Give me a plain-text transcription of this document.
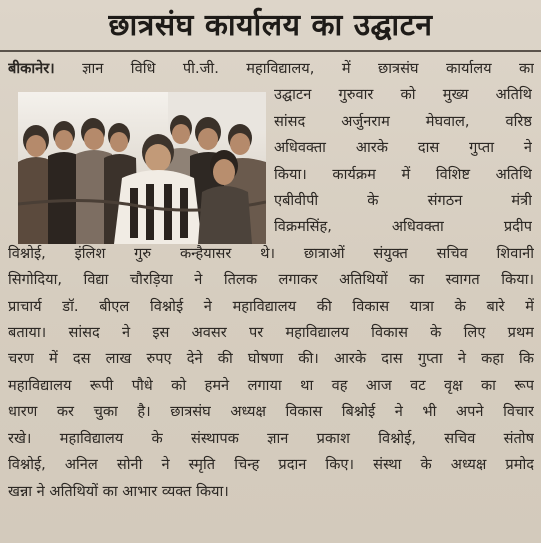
छात्रसंघ कार्यालय का उद्घाटन
बीकानेर। ज्ञान विधि पी.जी. महाविद्यालय, में छात्रसंघ कार्यालय का
उद्घाटन गुरुवार को मुख्य अतिथि
सांसद अर्जुनराम मेघवाल, वरिष्ठ
अधिवक्ता आरके दास गुप्ता ने
किया। कार्यक्रम में विशिष्ट अतिथि
एबीवीपी के संगठन मंत्री
विक्रमसिंह, अधिवक्ता प्रदीप
विश्नोई, इंलिश गुरु कन्हैयासर थे। छात्राओं संयुक्त सचिव शिवानी
सिगोदिया, विद्या चौरड़िया ने तिलक लगाकर अतिथियों का स्वागत किया।
प्राचार्य डॉ. बीएल विश्नोई ने महाविद्यालय की विकास यात्रा के बारे में
बताया। सांसद ने इस अवसर पर महाविद्यालय विकास के लिए प्रथम
चरण में दस लाख रुपए देने की घोषणा की। आरके दास गुप्ता ने कहा कि
महाविद्यालय रूपी पौधे को हमने लगाया था वह आज वट वृक्ष का रूप
धारण कर चुका है। छात्रसंघ अध्यक्ष विकास बिश्नोई ने भी अपने विचार
रखे। महाविद्यालय के संस्थापक ज्ञान प्रकाश विश्नोई, सचिव संतोष
विश्नोई, अनिल सोनी ने स्मृति चिन्ह प्रदान किए। संस्था के अध्यक्ष प्रमोद
खन्ना ने अतिथियों का आभार व्यक्त किया।
